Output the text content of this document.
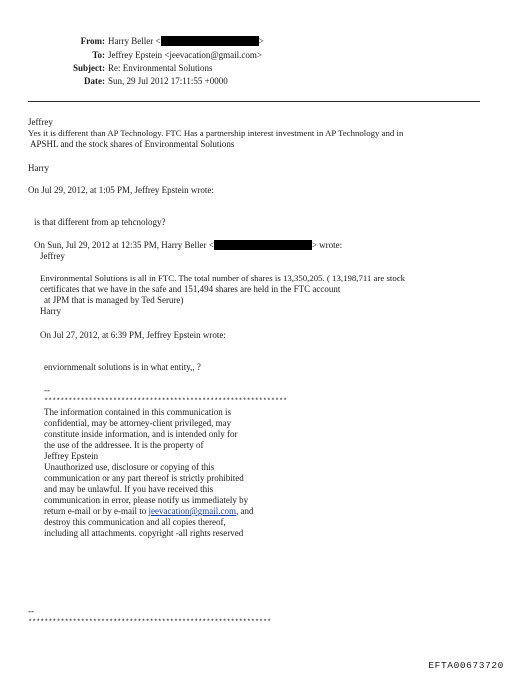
From: Harry Beller <	>
To: Jeffrey Epstein <jeevacation@gmail.com>
Subject: Re: Environmental Solutions
Date: Sun, 29 Jul 2012 17:11:55 +0000
Jeffrey
Yes it is different than AP Technology. FTC Has a partnership interest investment in AP Technology and in
APSHL and the stock shares of Environmental Solutions
Harry
On Jul 29, 2012, at 1:05 PM, Jeffrey Epstein wrote:
is that different from ap tehcnology?
On Sun, Jul 29, 2012 at 12:35 PM, Harry Beller <	> wrote:
Jeffrey
Environmental Solutions is all in FTC. The total number of shares is 13,350,205. ( 13,198,711 are stock
certificates that we have in the safe and 151,494 shares are held in the FTC account
at JPM that is managed by Ted Serure)
Harry
On Jul 27, 2012, at 6:39 PM, Jeffrey Epstein wrote:
enviornmenalt solutions is in what entity,, ?
--
************************************************************
The information contained in this communication is
confidential, may be attorney-client privileged, may
constitute inside information, and is intended only for
the use of the addressee. It is the property of
Jeffrey Epstein
Unauthorized use, disclosure or copying of this
communication or any part thereof is strictly prohibited
and may be unlawful. If you have received this
communication in error, please notify us immediately by
return e-mail or by e-mail to jeevacation@gmail.com, and
destroy this communication and all copies thereof,
including all attachments. copyright -all rights reserved
--
************************************************************
EFTA00673720
